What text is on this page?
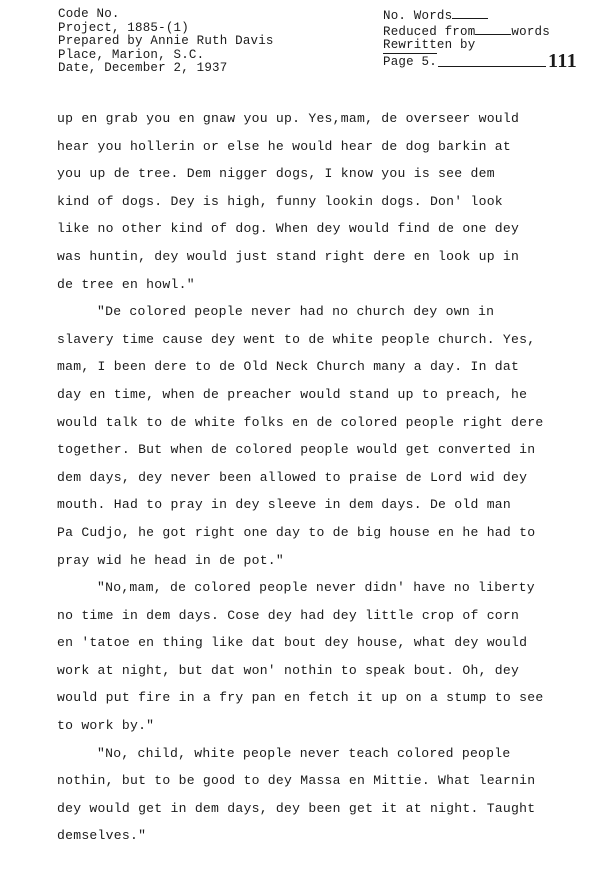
Code No.
Project, 1885-(1)
Prepared by Annie Ruth Davis
Place, Marion, S.C.
Date, December 2, 1937
No. Words
Reduced from	words
Rewritten by
Page 5.	111

up en grab you en gnaw you up. Yes,mam, de overseer would

hear you hollerin or else he would hear de dog barkin at

you up de tree. Dem nigger dogs, I know you is see dem

kind of dogs. Dey is high, funny lookin dogs. Don' look

like no other kind of dog. When dey would find de one dey

was huntin, dey would just stand right dere en look up in

de tree en howl."

"De colored people never had no church dey own in

slavery time cause dey went to de white people church. Yes,

mam, I been dere to de Old Neck Church many a day. In dat

day en time, when de preacher would stand up to preach, he

would talk to de white folks en de colored people right dere

together. But when de colored people would get converted in

dem days, dey never been allowed to praise de Lord wid dey

mouth. Had to pray in dey sleeve in dem days. De old man

Pa Cudjo, he got right one day to de big house en he had to

pray wid he head in de pot."

"No,mam, de colored people never didn' have no liberty

no time in dem days. Cose dey had dey little crop of corn

en 'tatoe en thing like dat bout dey house, what dey would

work at night, but dat won' nothin to speak bout. Oh, dey

would put fire in a fry pan en fetch it up on a stump to see

to work by."

"No, child, white people never teach colored people

nothin, but to be good to dey Massa en Mittie. What learnin

dey would get in dem days, dey been get it at night. Taught

demselves."
